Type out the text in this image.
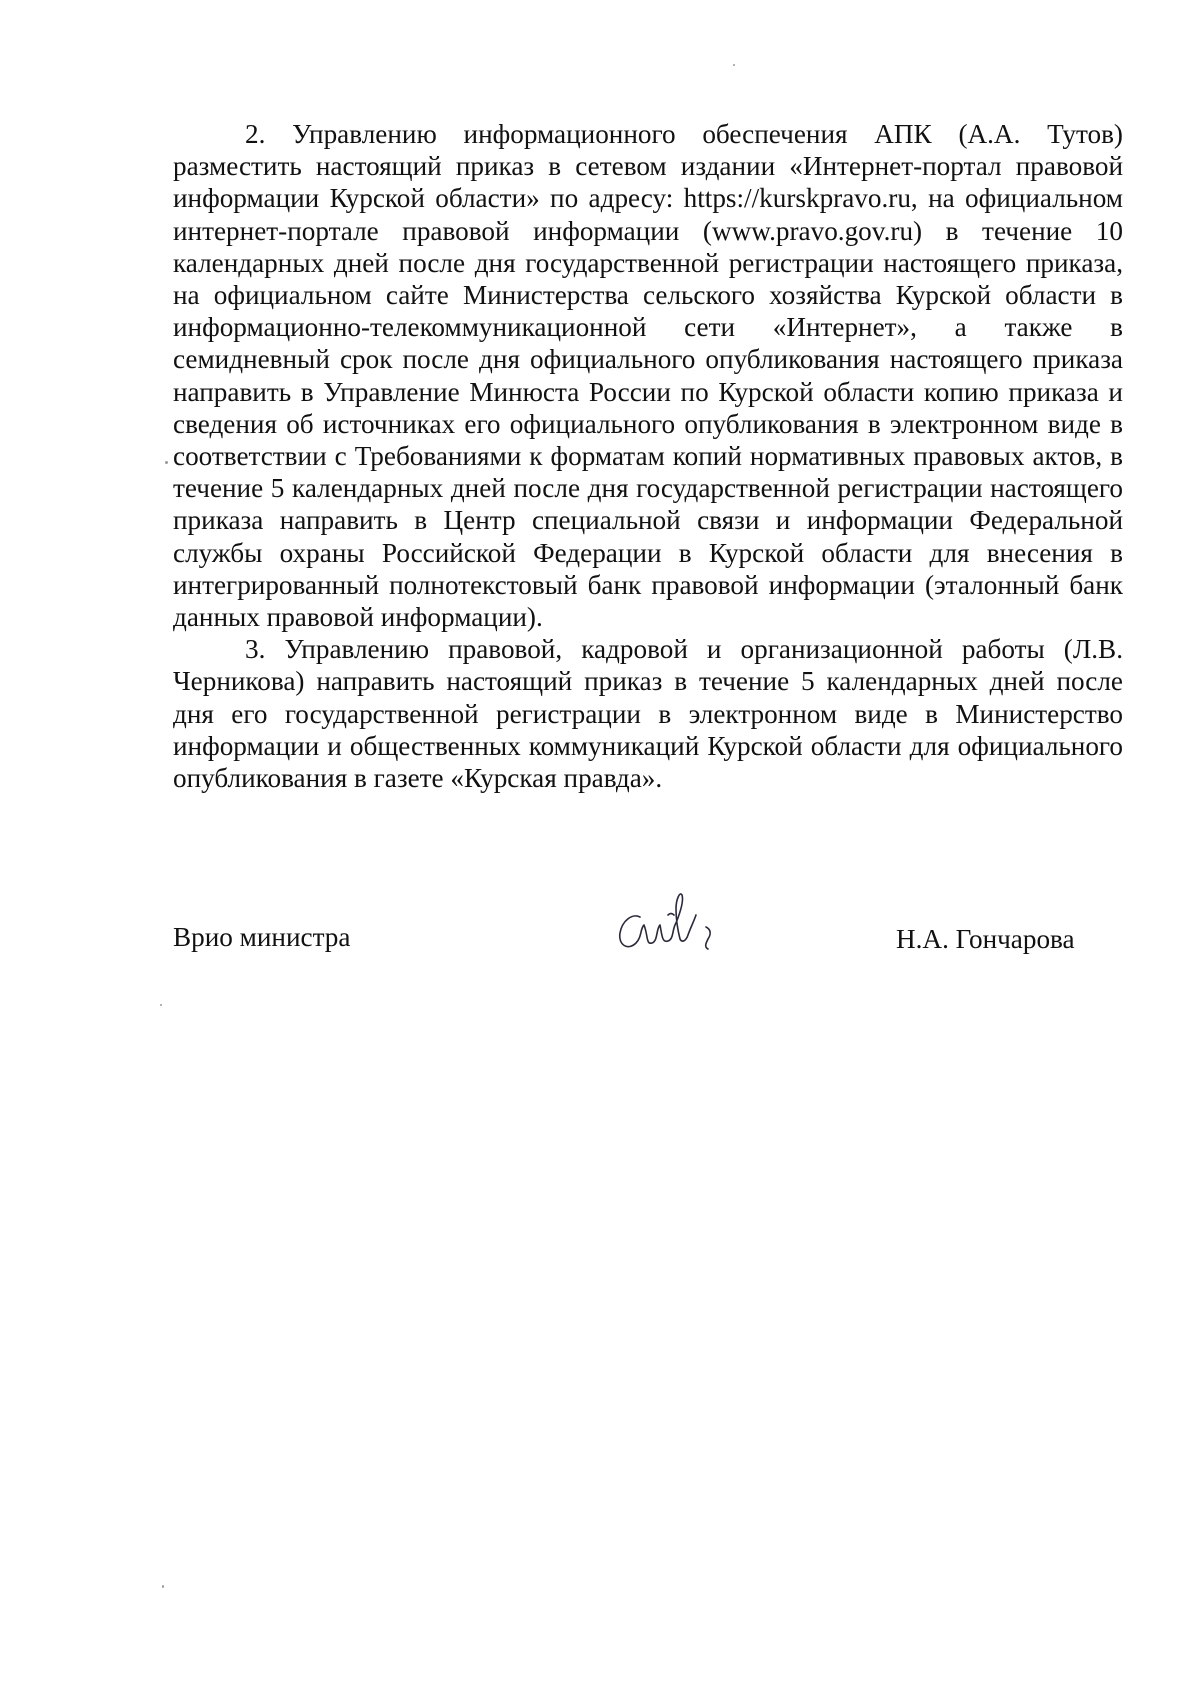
2. Управлению информационного обеспечения АПК (А.А. Тутов) разместить настоящий приказ в сетевом издании «Интернет-портал правовой информации Курской области» по адресу: https://kurskpravo.ru, на официальном интернет-портале правовой информации (www.pravo.gov.ru) в течение 10 календарных дней после дня государственной регистрации настоящего приказа, на официальном сайте Министерства сельского хозяйства Курской области в информационно-телекоммуникационной сети «Интернет», а также в семидневный срок после дня официального опубликования настоящего приказа направить в Управление Минюста России по Курской области копию приказа и сведения об источниках его официального опубликования в электронном виде в соответствии с Требованиями к форматам копий нормативных правовых актов, в течение 5 календарных дней после дня государственной регистрации настоящего приказа направить в Центр специальной связи и информации Федеральной службы охраны Российской Федерации в Курской области для внесения в интегрированный полнотекстовый банк правовой информации (эталонный банк данных правовой информации).

3. Управлению правовой, кадровой и организационной работы (Л.В. Черникова) направить настоящий приказ в течение 5 календарных дней после дня его государственной регистрации в электронном виде в Министерство информации и общественных коммуникаций Курской области для официального опубликования в газете «Курская правда».

Врио министра	Н.А. Гончарова
